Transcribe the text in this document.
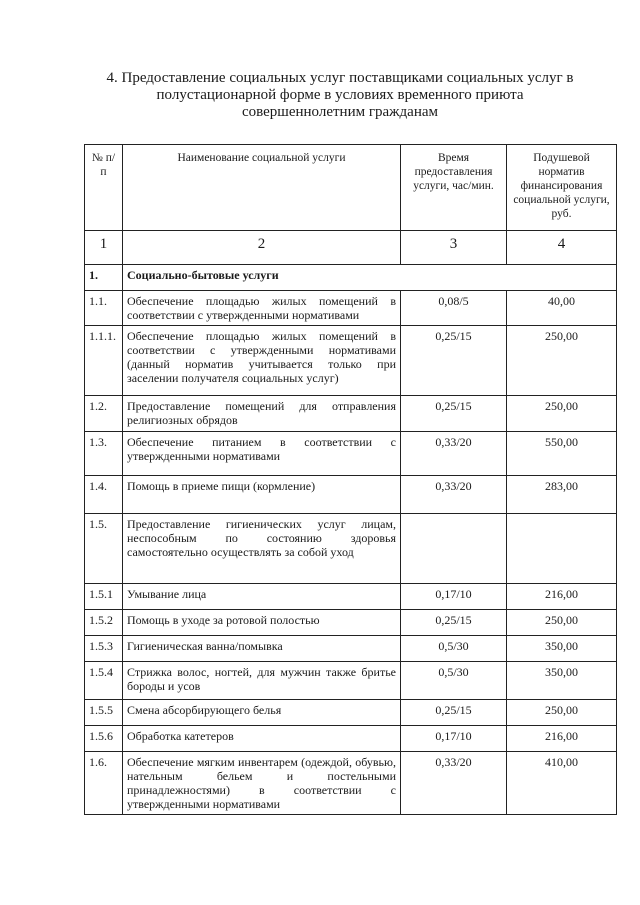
4. Предоставление социальных услуг поставщиками социальных услуг в
полустационарной форме в условиях временного приюта
совершеннолетним гражданам
№ п/п	Наименование социальной услуги	Время предоставления услуги, час/мин.	Подушевой норматив финансирования социальной услуги, руб.
1	2	3	4
1.	Социально-бытовые услуги		
1.1.	Обеспечение площадью жилых помещений в соответствии с утвержденными нормативами	0,08/5	40,00
1.1.1.	Обеспечение площадью жилых помещений в соответствии с утвержденными нормативами (данный норматив учитывается только при заселении получателя социальных услуг)	0,25/15	250,00
1.2.	Предоставление помещений для отправления религиозных обрядов	0,25/15	250,00
1.3.	Обеспечение питанием в соответствии с утвержденными нормативами	0,33/20	550,00
1.4.	Помощь в приеме пищи (кормление)	0,33/20	283,00
1.5.	Предоставление гигиенических услуг лицам, неспособным по состоянию здоровья самостоятельно осуществлять за собой уход		
1.5.1	Умывание лица	0,17/10	216,00
1.5.2	Помощь в уходе за ротовой полостью	0,25/15	250,00
1.5.3	Гигиеническая ванна/помывка	0,5/30	350,00
1.5.4	Стрижка волос, ногтей, для мужчин также бритье бороды и усов	0,5/30	350,00
1.5.5	Смена абсорбирующего белья	0,25/15	250,00
1.5.6	Обработка катетеров	0,17/10	216,00
1.6.	Обеспечение мягким инвентарем (одеждой, обувью, нательным бельем и постельными принадлежностями) в соответствии с утвержденными нормативами	0,33/20	410,00
